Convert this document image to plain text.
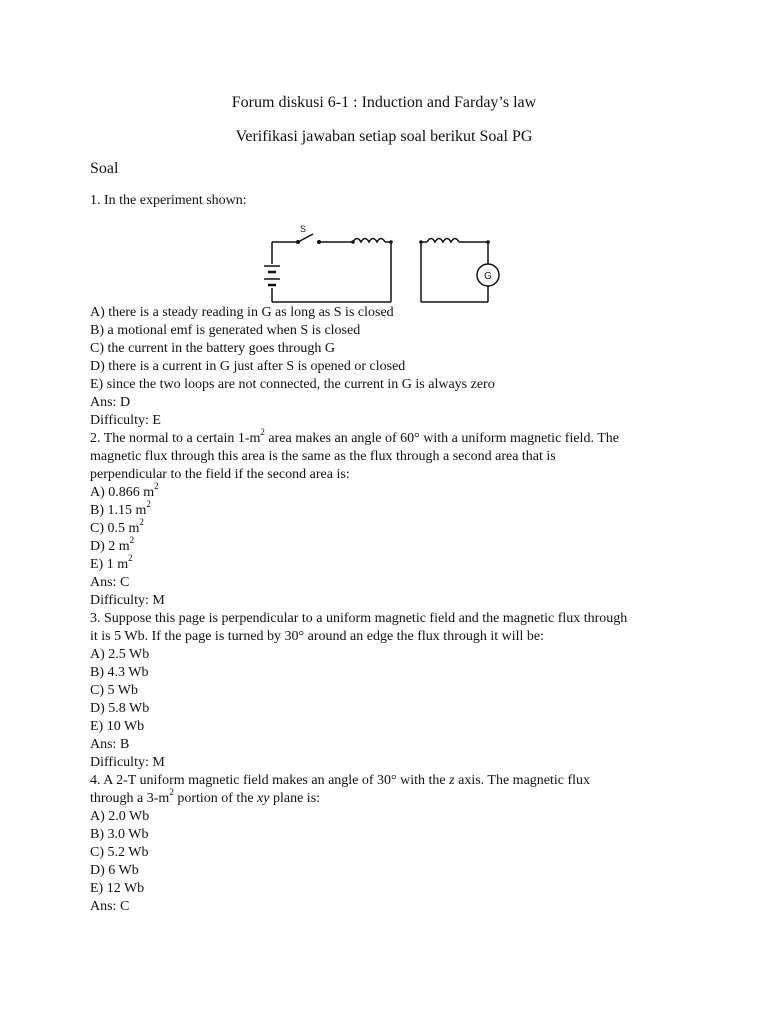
Forum diskusi 6-1 : Induction and Farday’s law
Verifikasi jawaban setiap soal berikut Soal PG
Soal
1. In the experiment shown:
S
G
A) there is a steady reading in G as long as S is closed
B) a motional emf is generated when S is closed
C) the current in the battery goes through G
D) there is a current in G just after S is opened or closed
E) since the two loops are not connected, the current in G is always zero
Ans: D
Difficulty: E
2. The normal to a certain $1-m^2$ area makes an angle of 60° with a uniform magnetic field. The
magnetic flux through this area is the same as the flux through a second area that is
perpendicular to the field if the second area is:
A) 0.866 $m^2$
B) 1.15 $m^2$
C) 0.5 $m^2$
D) 2 $m^2$
E) 1 $m^2$
Ans: C
Difficulty: M
3. Suppose this page is perpendicular to a uniform magnetic field and the magnetic flux through
it is 5 Wb. If the page is turned by 30° around an edge the flux through it will be:
A) 2.5 Wb
B) 4.3 Wb
C) 5 Wb
D) 5.8 Wb
E) 10 Wb
Ans: B
Difficulty: M
4. A 2-T uniform magnetic field makes an angle of 30° with the z axis. The magnetic flux
through a $3-m^2$ portion of the xy plane is:
A) 2.0 Wb
B) 3.0 Wb
C) 5.2 Wb
D) 6 Wb
E) 12 Wb
Ans: C
